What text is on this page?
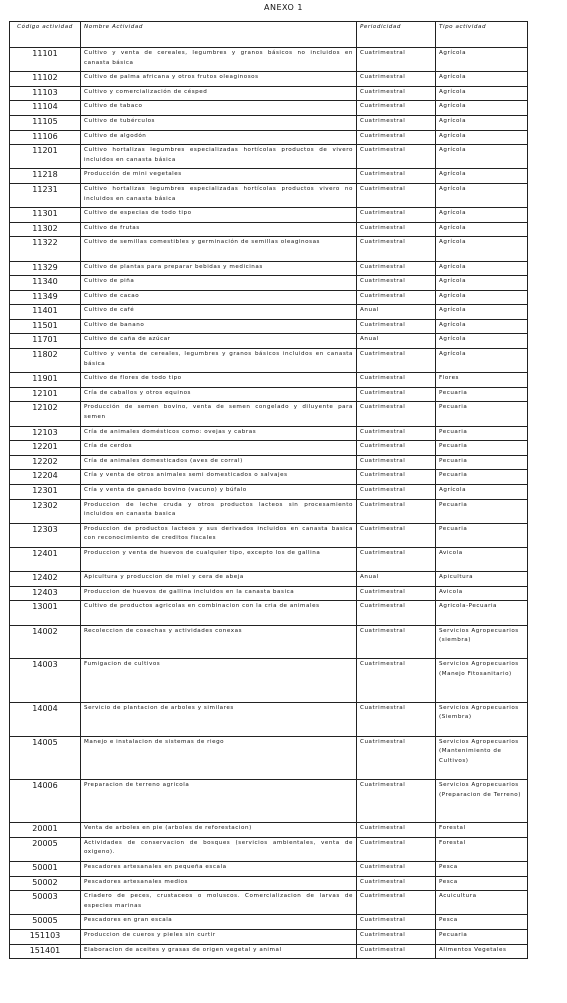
ANEXO 1
Código actividad	Nombre Actividad	Periodicidad	Tipo actividad
11101	Cultivo y venta de cereales, legumbres y granos básicos no incluidos en canasta básica	Cuatrimestral	Agrícola
11102	Cultivo de palma africana y otros frutos oleaginosos	Cuatrimestral	Agrícola
11103	Cultivo y comercialización de césped	Cuatrimestral	Agrícola
11104	Cultivo de tabaco	Cuatrimestral	Agrícola
11105	Cultivo de tubérculos	Cuatrimestral	Agrícola
11106	Cultivo de algodón	Cuatrimestral	Agrícola
11201	Cultivo hortalizas legumbres especializadas hortícolas productos de vivero incluidos en canasta básica	Cuatrimestral	Agrícola
11218	Producción de mini vegetales	Cuatrimestral	Agrícola
11231	Cultivo hortalizas legumbres especializadas hortícolas productos vivero no incluidos en canasta básica	Cuatrimestral	Agrícola
11301	Cultivo de especias de todo tipo	Cuatrimestral	Agrícola
11302	Cultivo de frutas	Cuatrimestral	Agrícola
11322	Cultivo de semillas comestibles y germinación de semillas oleaginosas	Cuatrimestral	Agrícola
11329	Cultivo de plantas para preparar bebidas y medicinas	Cuatrimestral	Agrícola
11340	Cultivo de piña	Cuatrimestral	Agrícola
11349	Cultivo de cacao	Cuatrimestral	Agrícola
11401	Cultivo de café	Anual	Agrícola
11501	Cultivo de banano	Cuatrimestral	Agrícola
11701	Cultivo de caña de azúcar	Anual	Agrícola
11802	Cultivo y venta de cereales, legumbres y granos básicos incluidos en canasta básica	Cuatrimestral	Agrícola
11901	Cultivo de flores de todo tipo	Cuatrimestral	Flores
12101	Cría de caballos y otros equinos	Cuatrimestral	Pecuaria
12102	Producción de semen bovino, venta de semen congelado y diluyente para semen	Cuatrimestral	Pecuaria
12103	Cría de animales domésticos como: ovejas y cabras	Cuatrimestral	Pecuaria
12201	Cría de cerdos	Cuatrimestral	Pecuaria
12202	Cría de animales domesticados (aves de corral)	Cuatrimestral	Pecuaria
12204	Cría y venta de otros animales semi domesticados o salvajes	Cuatrimestral	Pecuaria
12301	Cría y venta de ganado bovino (vacuno) y búfalo	Cuatrimestral	Agrícola
12302	Produccion de leche cruda y otros productos lacteos sin procesamiento incluidos en canasta basica	Cuatrimestral	Pecuaria
12303	Produccion de productos lacteos y sus derivados incluidos en canasta basica con reconocimiento de creditos fiscales	Cuatrimestral	Pecuaria
12401	Produccion y venta de huevos de cualquier tipo, excepto los de gallina	Cuatrimestral	Avicola
12402	Apicultura y produccion de miel y cera de abeja	Anual	Apicultura
12403	Produccion de huevos de gallina incluidos en la canasta basica	Cuatrimestral	Avicola
13001	Cultivo de productos agricolas en combinacion con la cria de animales	Cuatrimestral	Agricola-Pecuaria
14002	Recoleccion de cosechas y actividades conexas	Cuatrimestral	Servicios Agropecuarios (siembra)
14003	Fumigacion de cultivos	Cuatrimestral	Servicios Agropecuarios (Manejo Fitosanitario)
14004	Servicio de plantacion de arboles y similares	Cuatrimestral	Servicios Agropecuarios (Siembra)
14005	Manejo e instalacion de sistemas de riego	Cuatrimestral	Servicios Agropecuarios (Mantenimiento de Cultivos)
14006	Preparacion de terreno agricola	Cuatrimestral	Servicios Agropecuarios (Preparacion de Terreno)
20001	Venta de arboles en pie (arboles de reforestacion)	Cuatrimestral	Forestal
20005	Actividades de conservacion de bosques (servicios ambientales, venta de oxigeno).	Cuatrimestral	Forestal
50001	Pescadores artesanales en pequeña escala	Cuatrimestral	Pesca
50002	Pescadores artesanales medios	Cuatrimestral	Pesca
50003	Criadero de peces, crustaceos o moluscos. Comercializacion de larvas de especies marinas	Cuatrimestral	Acuicultura
50005	Pescadores en gran escala	Cuatrimestral	Pesca
151103	Produccion de cueros y pieles sin curtir	Cuatrimestral	Pecuaria
151401	Elaboracion de aceites y grasas de origen vegetal y animal	Cuatrimestral	Alimentos Vegetales
